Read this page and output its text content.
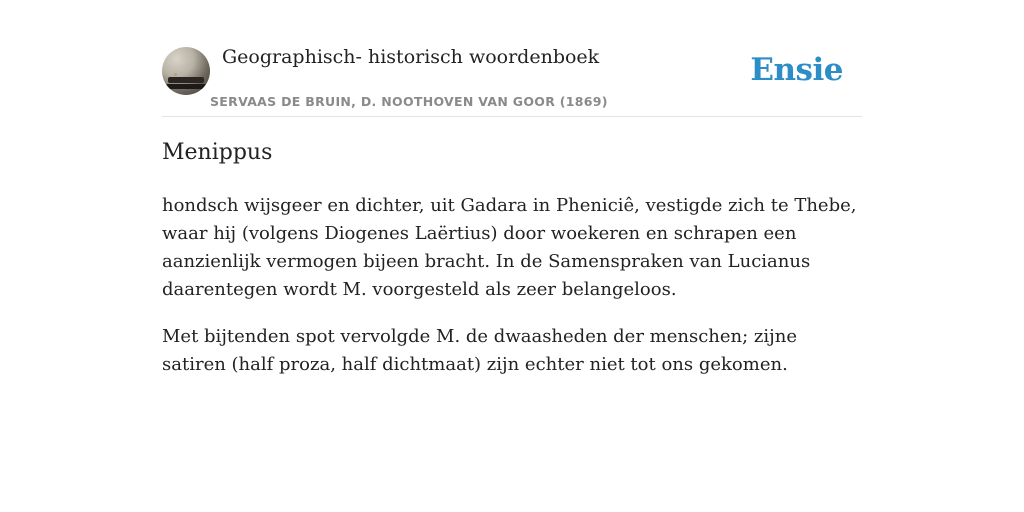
Geographisch- historisch woordenboek
SERVAAS DE BRUIN, D. NOOTHOVEN VAN GOOR (1869)
Ensie
Menippus

hondsch wijsgeer en dichter, uit Gadara in Pheniciê, vestigde zich te Thebe, waar hij (volgens Diogenes Laërtius) door woekeren en schrapen een aanzienlijk vermogen bijeen bracht. In de Samenspraken van Lucianus daarentegen wordt M. voorgesteld als zeer belangeloos.

Met bijtenden spot vervolgde M. de dwaasheden der menschen; zijne satiren (half proza, half dichtmaat) zijn echter niet tot ons gekomen.
